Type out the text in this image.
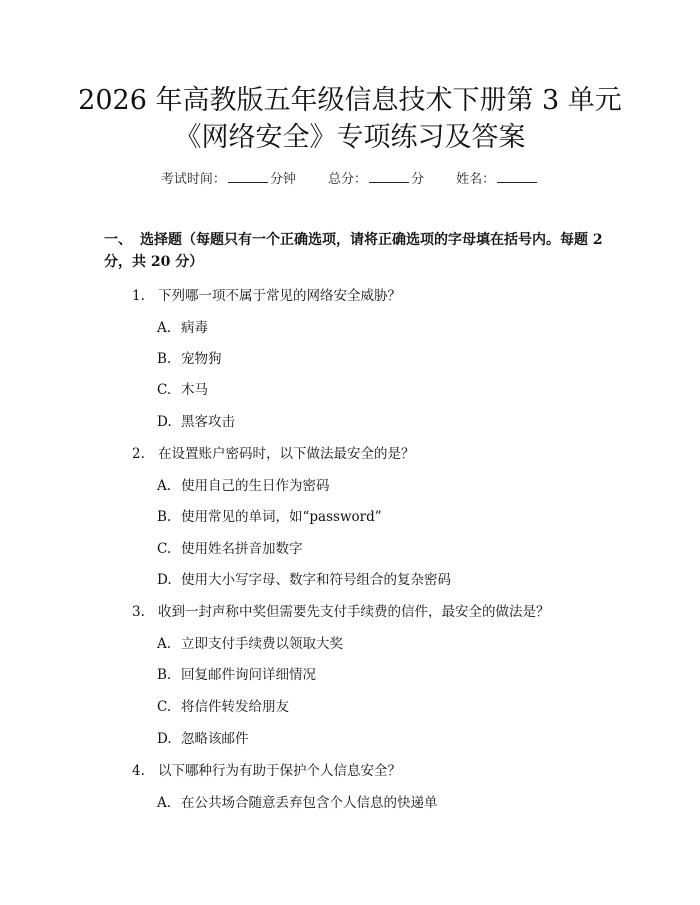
2026 年高教版五年级信息技术下册第 3 单元
《网络安全》专项练习及答案
考试时间：	分钟 总分：	分 姓名：
一、 选择题（每题只有一个正确选项，请将正确选项的字母填在括号内。每题 2 分，共 20 分）
1. 下列哪一项不属于常见的网络安全威胁？
A. 病毒
B. 宠物狗
C. 木马
D. 黑客攻击
2. 在设置账户密码时，以下做法最安全的是？
A. 使用自己的生日作为密码
B. 使用常见的单词，如“password”
C. 使用姓名拼音加数字
D. 使用大小写字母、数字和符号组合的复杂密码
3. 收到一封声称中奖但需要先支付手续费的信件，最安全的做法是？
A. 立即支付手续费以领取大奖
B. 回复邮件询问详细情况
C. 将信件转发给朋友
D. 忽略该邮件
4. 以下哪种行为有助于保护个人信息安全？
A. 在公共场合随意丢弃包含个人信息的快递单
